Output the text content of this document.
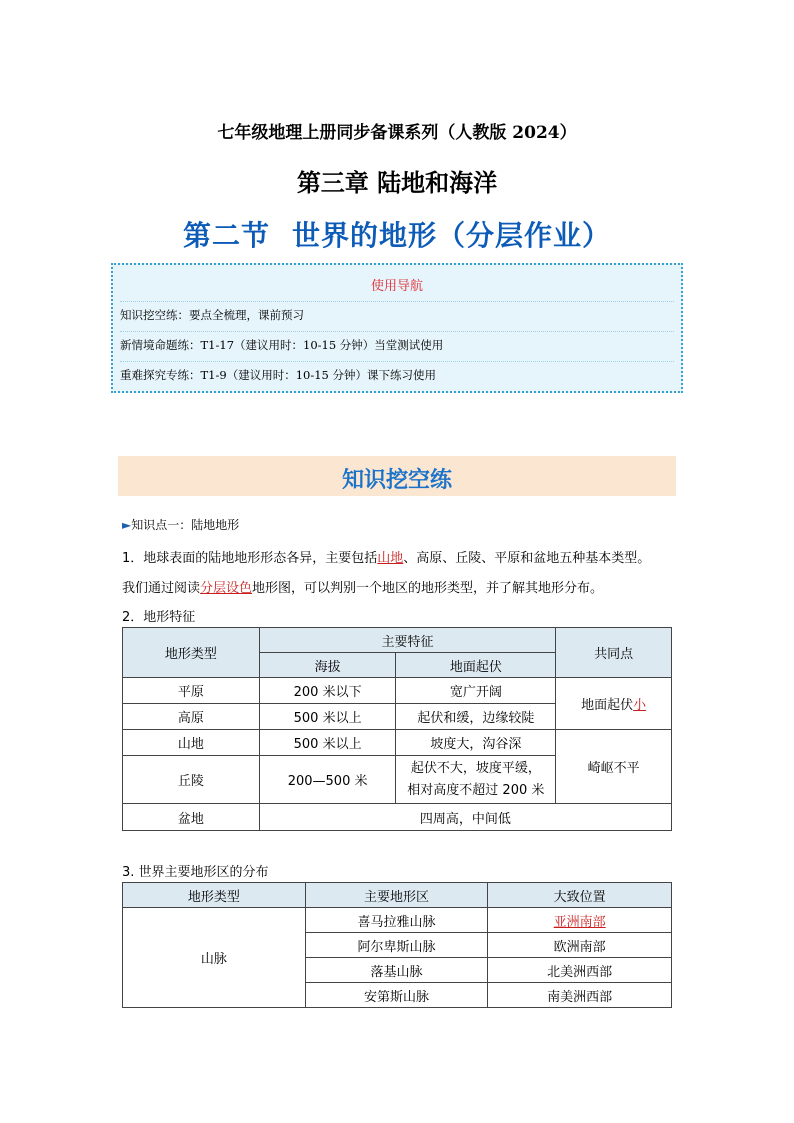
七年级地理上册同步备课系列（人教版 2024）
第三章 陆地和海洋
第二节 世界的地形（分层作业）
使用导航
知识挖空练：要点全梳理，课前预习
新情境命题练：T1-17（建议用时：10-15 分钟）当堂测试使用
重难探究专练：T1-9（建议用时：10-15 分钟）课下练习使用
知识挖空练
►知识点一：陆地地形
1．地球表面的陆地地形形态各异，主要包括山地、高原、丘陵、平原和盆地五种基本类型。
我们通过阅读分层设色地形图，可以判别一个地区的地形类型，并了解其地形分布。
2．地形特征
地形类型	主要特征		共同点
	海拔	地面起伏	
平原	200 米以下	宽广开阔	地面起伏小
高原	500 米以上	起伏和缓，边缘较陡	
山地	500 米以上	坡度大，沟谷深	崎岖不平
丘陵	200—500 米	起伏不大，坡度平缓，
相对高度不超过 200 米	

盆地	四周高，中间低		
3. 世界主要地形区的分布
地形类型	主要地形区	大致位置
山脉	喜马拉雅山脉	亚洲南部
	阿尔卑斯山脉	欧洲南部
	落基山脉	北美洲西部
	安第斯山脉	南美洲西部
